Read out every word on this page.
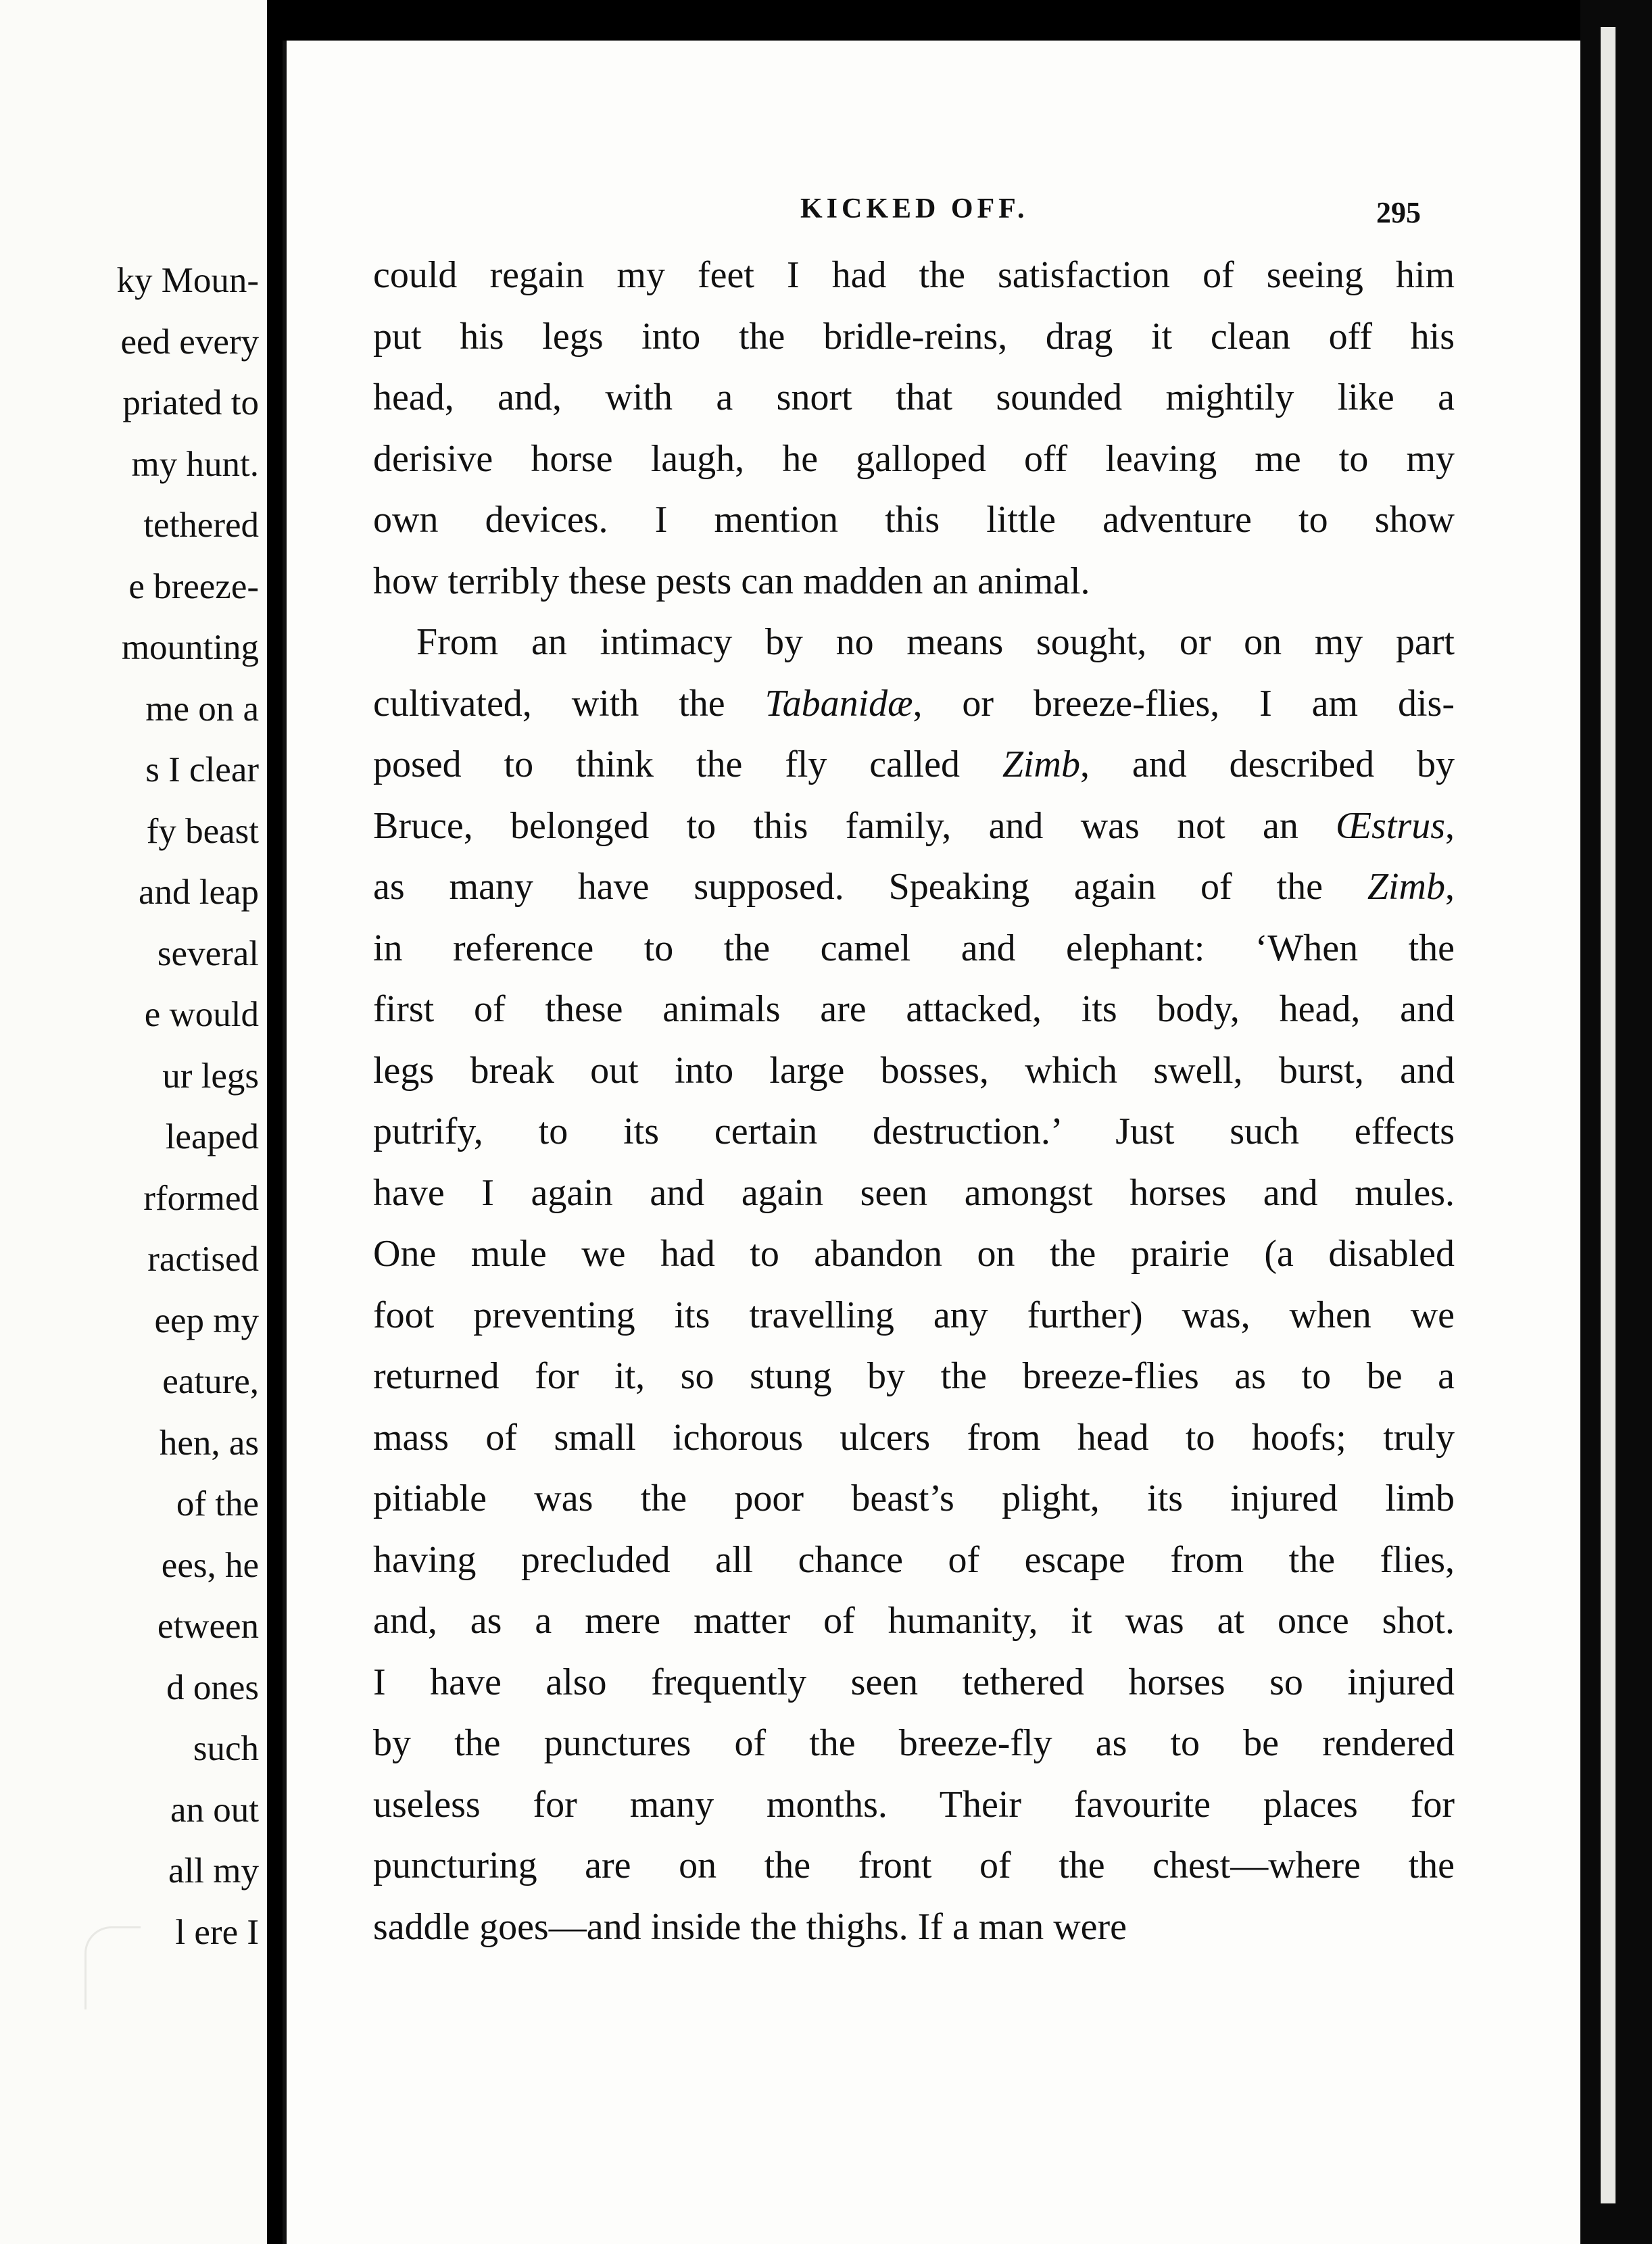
ky Moun-
eed every
priated to
my hunt.
tethered
e breeze-
mounting
me on a
s I clear
fy beast
and leap
several
e would
ur legs
leaped
rformed
ractised
eep my
eature,
hen, as
of the
ees, he
etween
d ones
such
an out
all my
l ere I
KICKED OFF.	295
could regain my feet I had the satisfaction of seeing him
put his legs into the bridle-reins, drag it clean off his
head, and, with a snort that sounded mightily like a
derisive horse laugh, he galloped off leaving me to my
own devices. I mention this little adventure to show
how terribly these pests can madden an animal.
From an intimacy by no means sought, or on my part
cultivated, with the Tabanidæ, or breeze-flies, I am dis-
posed to think the fly called Zimb, and described by
Bruce, belonged to this family, and was not an Œstrus,
as many have supposed. Speaking again of the Zimb,
in reference to the camel and elephant: ‘When the
first of these animals are attacked, its body, head, and
legs break out into large bosses, which swell, burst, and
putrify, to its certain destruction.’ Just such effects
have I again and again seen amongst horses and mules.
One mule we had to abandon on the prairie (a disabled
foot preventing its travelling any further) was, when we
returned for it, so stung by the breeze-flies as to be a
mass of small ichorous ulcers from head to hoofs; truly
pitiable was the poor beast’s plight, its injured limb
having precluded all chance of escape from the flies,
and, as a mere matter of humanity, it was at once shot.
I have also frequently seen tethered horses so injured
by the punctures of the breeze-fly as to be rendered
useless for many months. Their favourite places for
puncturing are on the front of the chest—where the
saddle goes—and inside the thighs. If a man were
